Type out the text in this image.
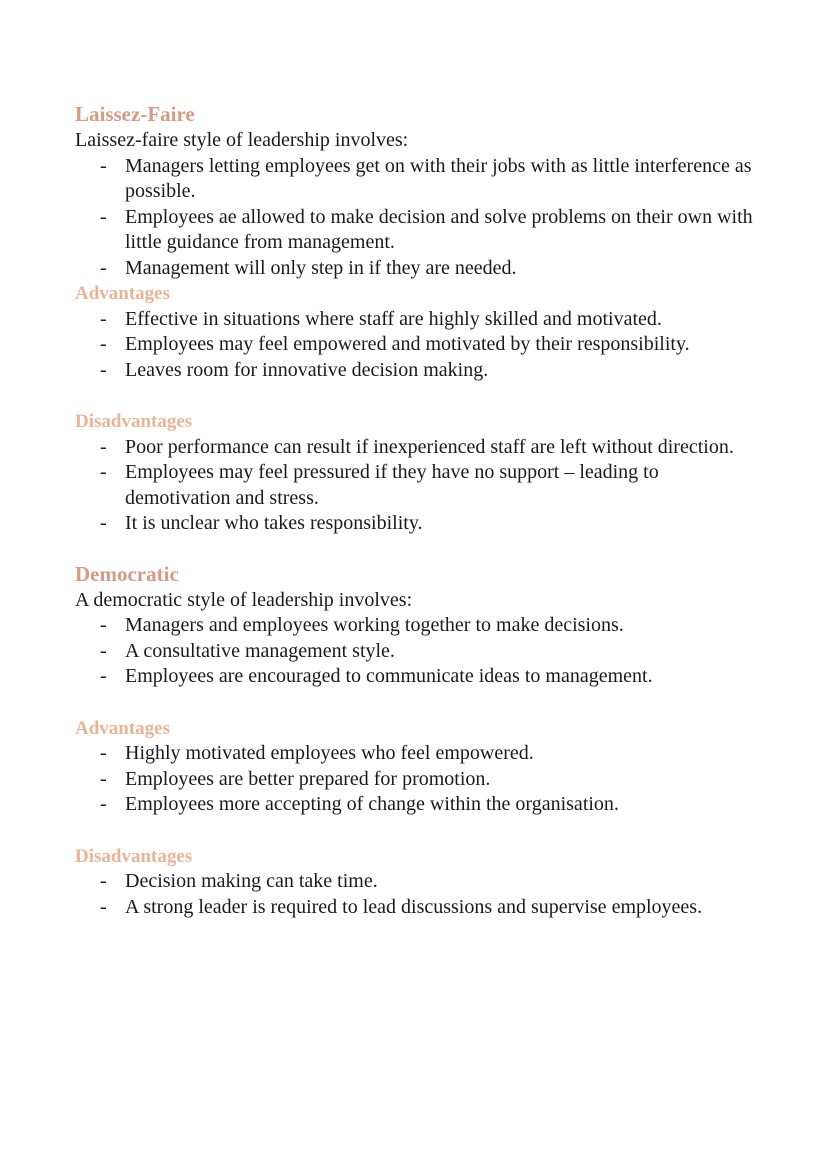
Laissez-Faire

Laissez-faire style of leadership involves:

- Managers letting employees get on with their jobs with as little interference as possible.
- Employees ae allowed to make decision and solve problems on their own with little guidance from management.
- Management will only step in if they are needed.
Advantages
- Effective in situations where staff are highly skilled and motivated.
- Employees may feel empowered and motivated by their responsibility.
- Leaves room for innovative decision making.
Disadvantages
- Poor performance can result if inexperienced staff are left without direction.
- Employees may feel pressured if they have no support – leading to demotivation and stress.
- It is unclear who takes responsibility.
Democratic

A democratic style of leadership involves:

- Managers and employees working together to make decisions.
- A consultative management style.
- Employees are encouraged to communicate ideas to management.
Advantages
- Highly motivated employees who feel empowered.
- Employees are better prepared for promotion.
- Employees more accepting of change within the organisation.
Disadvantages
- Decision making can take time.
- A strong leader is required to lead discussions and supervise employees.
